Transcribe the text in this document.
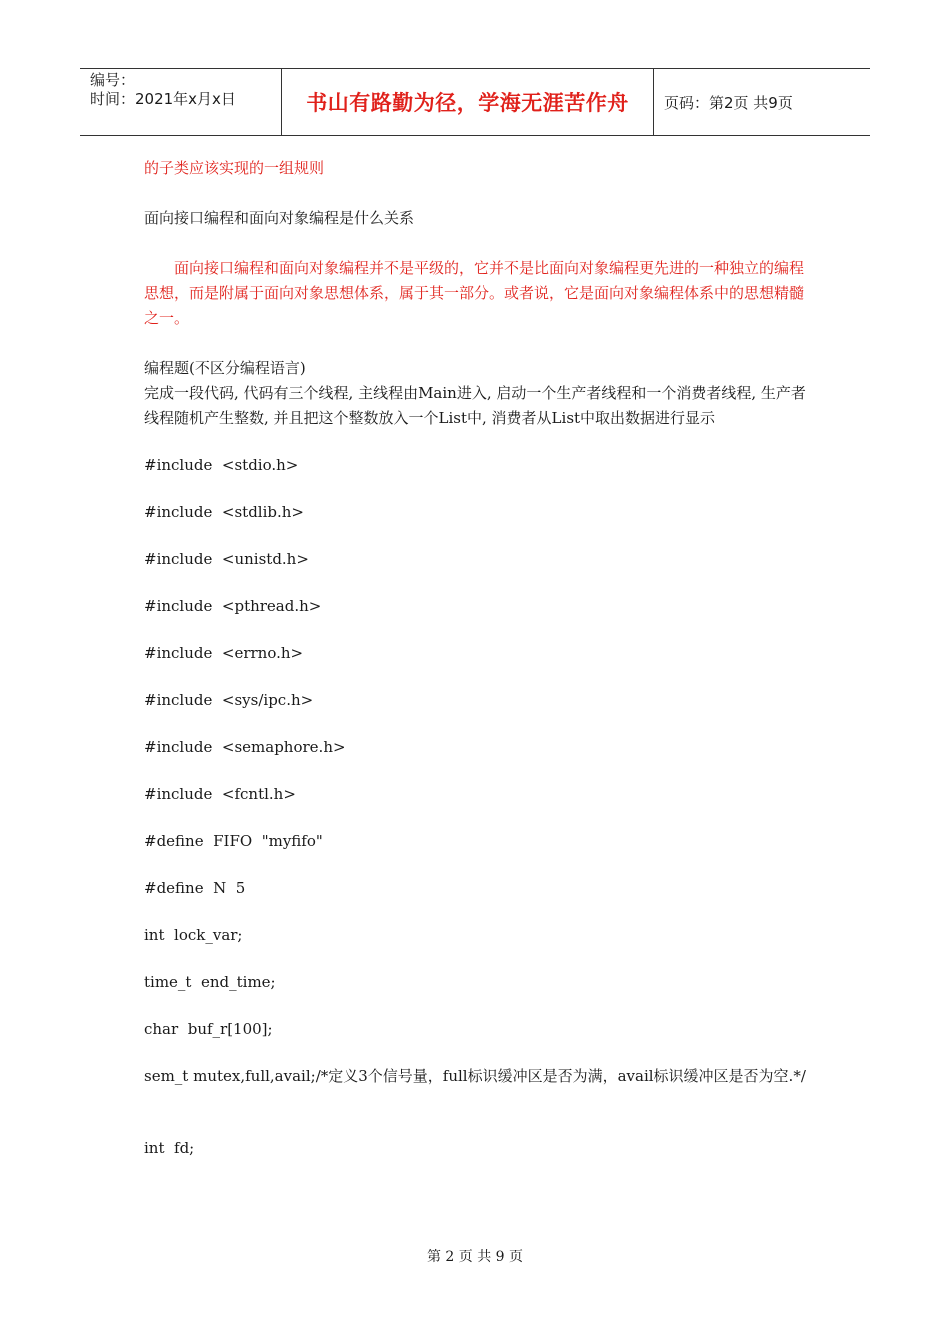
编号：
时间：2021年x月x日	书山有路勤为径，学海无涯苦作舟	页码：第2页 共9页

的子类应该实现的一组规则

面向接口编程和面向对象编程是什么关系

面向接口编程和面向对象编程并不是平级的，它并不是比面向对象编程更先进的一种独立的编程思想，而是附属于面向对象思想体系，属于其一部分。或者说，它是面向对象编程体系中的思想精髓之一。

编程题(不区分编程语言)

完成一段代码, 代码有三个线程, 主线程由Main进入, 启动一个生产者线程和一个消费者线程, 生产者线程随机产生整数, 并且把这个整数放入一个List中, 消费者从List中取出数据进行显示

#include  <stdio.h>
#include  <stdlib.h>
#include  <unistd.h>
#include  <pthread.h>
#include  <errno.h>
#include  <sys/ipc.h>
#include  <semaphore.h>
#include  <fcntl.h>
#define  FIFO  "myfifo"
#define  N  5
int  lock_var;
time_t  end_time;
char  buf_r[100];
sem_t mutex,full,avail;/*定义3个信号量，full标识缓冲区是否为满，avail标识缓冲区是否为空.*/
int  fd;
第 2 页 共 9 页
